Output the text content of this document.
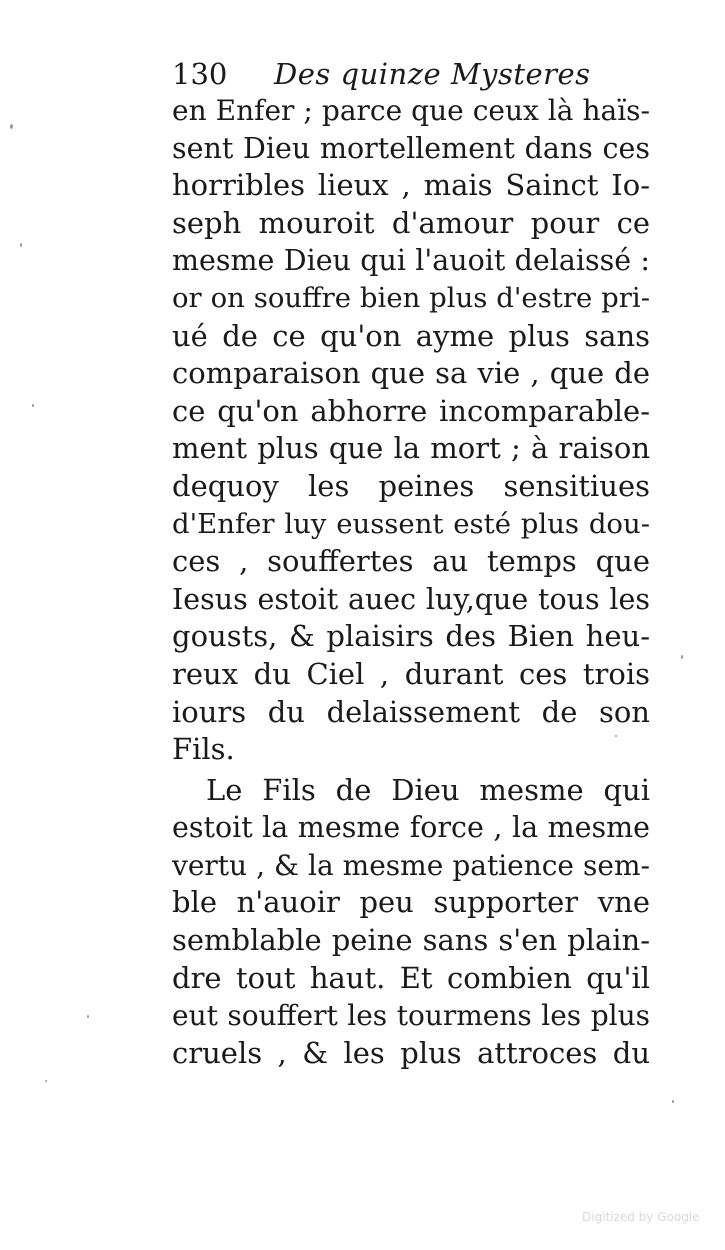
130 Des quinze Mysteres
en Enfer ; parce que ceux là haïs-
sent Dieu mortellement dans ces
horribles lieux , mais Sainct Io-
seph mouroit d'amour pour ce
mesme Dieu qui l'auoit delaissé :
or on souffre bien plus d'estre pri-
ué de ce qu'on ayme plus sans
comparaison que sa vie , que de
ce qu'on abhorre incomparable-
ment plus que la mort ; à raison
dequoy les peines sensitiues
d'Enfer luy eussent esté plus dou-
ces , souffertes au temps que
Iesus estoit auec luy,que tous les
gousts, & plaisirs des Bien heu-
reux du Ciel , durant ces trois
iours du delaissement de son
Fils.
Le Fils de Dieu mesme qui
estoit la mesme force , la mesme
vertu , & la mesme patience sem-
ble n'auoir peu supporter vne
semblable peine sans s'en plain-
dre tout haut. Et combien qu'il
eut souffert les tourmens les plus
cruels , & les plus attroces du
Digitized by Google
